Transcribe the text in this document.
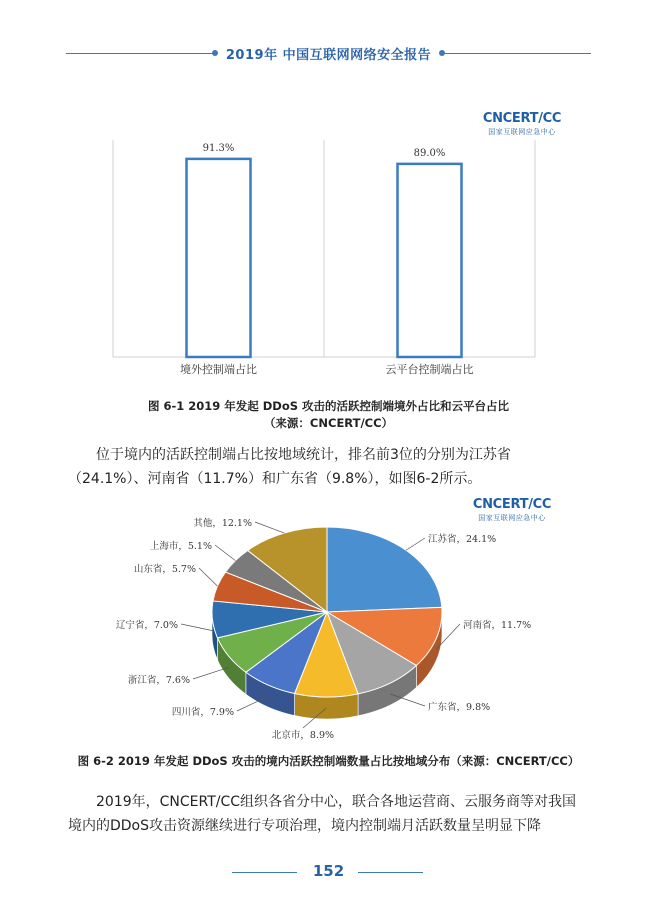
2019年 中国互联网网络安全报告
CNCERT/CC
国家互联网应急中心
91.3%
境外控制端占比
89.0%
云平台控制端占比
图 6-1 2019 年发起 DDoS 攻击的活跃控制端境外占比和云平台占比
（来源：CNCERT/CC）
位于境内的活跃控制端占比按地域统计，排名前3位的分别为江苏省（24.1%）、河南省（11.7%）和广东省（9.8%），如图6-2所示。
CNCERT/CC
国家互联网应急中心
江苏省，24.1%
河南省，11.7%
广东省，9.8%
北京市，8.9%
四川省，7.9%
浙江省，7.6%
辽宁省，7.0%
山东省，5.7%
上海市，5.1%
其他，12.1%
图 6-2 2019 年发起 DDoS 攻击的境内活跃控制端数量占比按地域分布（来源：CNCERT/CC）
2019年，CNCERT/CC组织各省分中心，联合各地运营商、云服务商等对我国境内的DDoS攻击资源继续进行专项治理，境内控制端月活跃数量呈明显下降
152
